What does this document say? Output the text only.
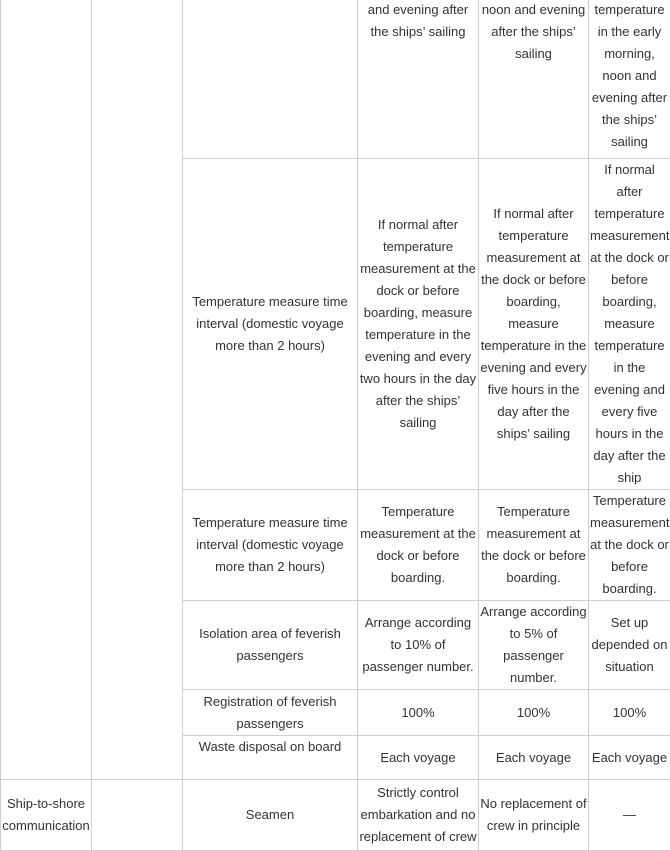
			and evening after the ships’ sailing	noon and evening after the ships’ sailing	temperature in the early morning, noon and evening after the ships’ sailing
		Temperature measure time interval (domestic voyage more than 2 hours)	If normal after temperature measurement at the dock or before boarding, measure temperature in the evening and every two hours in the day after the ships’ sailing	If normal after temperature measurement at the dock or before boarding, measure temperature in the evening and every five hours in the day after the ships’ sailing	If normal after temperature measurement at the dock or before boarding, measure temperature in the evening and every five hours in the day after the ship
		Temperature measure time interval (domestic voyage more than 2 hours)	Temperature measurement at the dock or before boarding.	Temperature measurement at the dock or before boarding.	Temperature measurement at the dock or before boarding.
		Isolation area of feverish passengers	Arrange according to 10% of passenger number.	Arrange according to 5% of passenger number.	Set up depended on situation
		Registration of feverish passengers	100%	100%	100%
		Waste disposal on board	Each voyage	Each voyage	Each voyage
Ship-to-shore communication		Seamen	Strictly control embarkation and no replacement of crew	No replacement of crew in principle	—
